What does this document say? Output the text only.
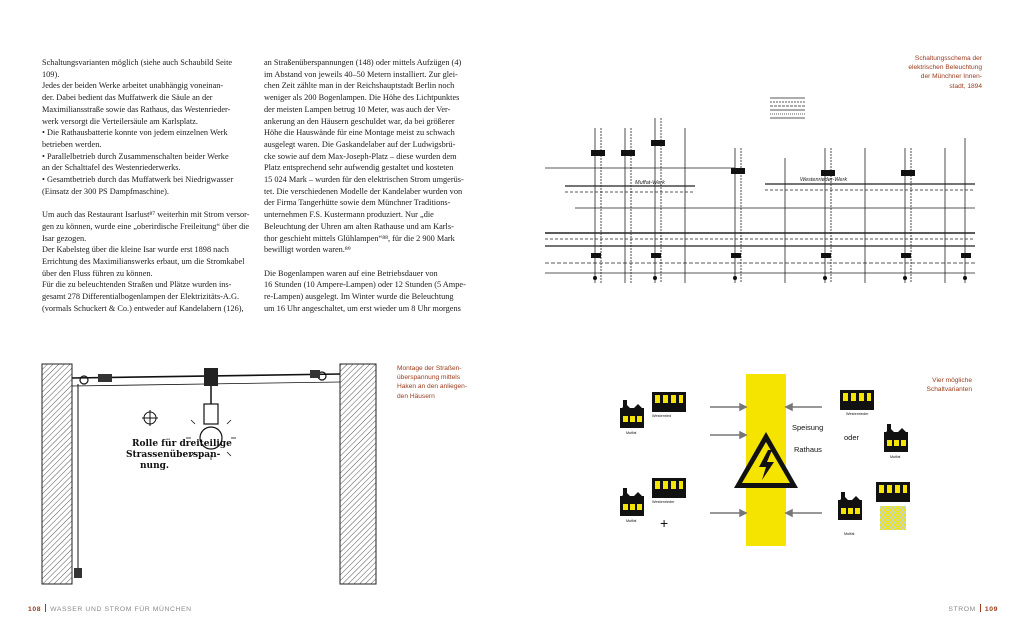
Schaltungsvarianten möglich (siehe auch Schaubild Seite

109).

Jedes der beiden Werke arbeitet unabhängig voneinan-

der. Dabei bedient das Muffatwerk die Säule an der

Maximiliansstraße sowie das Rathaus, das Westenrieder-

werk versorgt die Verteilersäule am Karlsplatz.

• Die Rathausbatterie konnte von jedem einzelnen Werk

betrieben werden.

• Parallelbetrieb durch Zusammenschalten beider Werke

an der Schalttafel des Westenriederwerks.

• Gesamtbetrieb durch das Muffatwerk bei Niedrigwasser

(Einsatz der 300 PS Dampfmaschine).

Um auch das Restaurant Isarlust⁸⁷ weiterhin mit Strom versor-

gen zu können, wurde eine „oberirdische Freileitung“ über die

Isar gezogen.

Der Kabelsteg über die kleine Isar wurde erst 1898 nach

Errichtung des Maximilianswerks erbaut, um die Stromkabel

über den Fluss führen zu können.

Für die zu beleuchtenden Straßen und Plätze wurden ins-

gesamt 278 Differentialbogenlampen der Elektrizitäts-A.G.

(vormals Schuckert & Co.) entweder auf Kandelabern (126),

an Straßenüberspannungen (148) oder mittels Aufzügen (4)

im Abstand von jeweils 40–50 Metern installiert. Zur glei-

chen Zeit zählte man in der Reichshauptstadt Berlin noch

weniger als 200 Bogenlampen. Die Höhe des Lichtpunktes

der meisten Lampen betrug 10 Meter, was auch der Ver-

ankerung an den Häusern geschuldet war, da bei größerer

Höhe die Hauswände für eine Montage meist zu schwach

ausgelegt waren. Die Gaskandelaber auf der Ludwigsbrü-

cke sowie auf dem Max-Joseph-Platz – diese wurden dem

Platz entsprechend sehr aufwendig gestaltet und kosteten

15 024 Mark – wurden für den elektrischen Strom umgerüs-

tet. Die verschiedenen Modelle der Kandelaber wurden von

der Firma Tangerhütte sowie dem Münchner Traditions-

unternehmen F.S. Kustermann produziert. Nur „die

Beleuchtung der Uhren am alten Rathause und am Karls-

thor geschieht mittels Glühlampen“⁸⁸, für die 2 900 Mark

bewilligt worden waren.⁸⁹

Die Bogenlampen waren auf eine Betriebsdauer von

16 Stunden (10 Ampere-Lampen) oder 12 Stunden (5 Ampe-

re-Lampen) ausgelegt. Im Winter wurde die Beleuchtung

um 16 Uhr angeschaltet, um erst wieder um 8 Uhr morgens

Rolle für dreiteilige
Strassenüberspan-
nung.

Montage der Straßen-

überspannung mittels

Haken an den anliegen-

den Häusern

108 WASSER UND STROM FÜR MÜNCHEN

Schaltungsschema der

elektrischen Beleuchtung

der Münchner Innen-

stadt, 1894

Muffat-Werk	Westenrieder-Werk

Vier mögliche

Schaltvarianten

Westenried
Muffat
Westenrieder
Muffat +
Speisung
Rathaus
oder
Westenrieder
Muffat
Muffat
STROM 109
